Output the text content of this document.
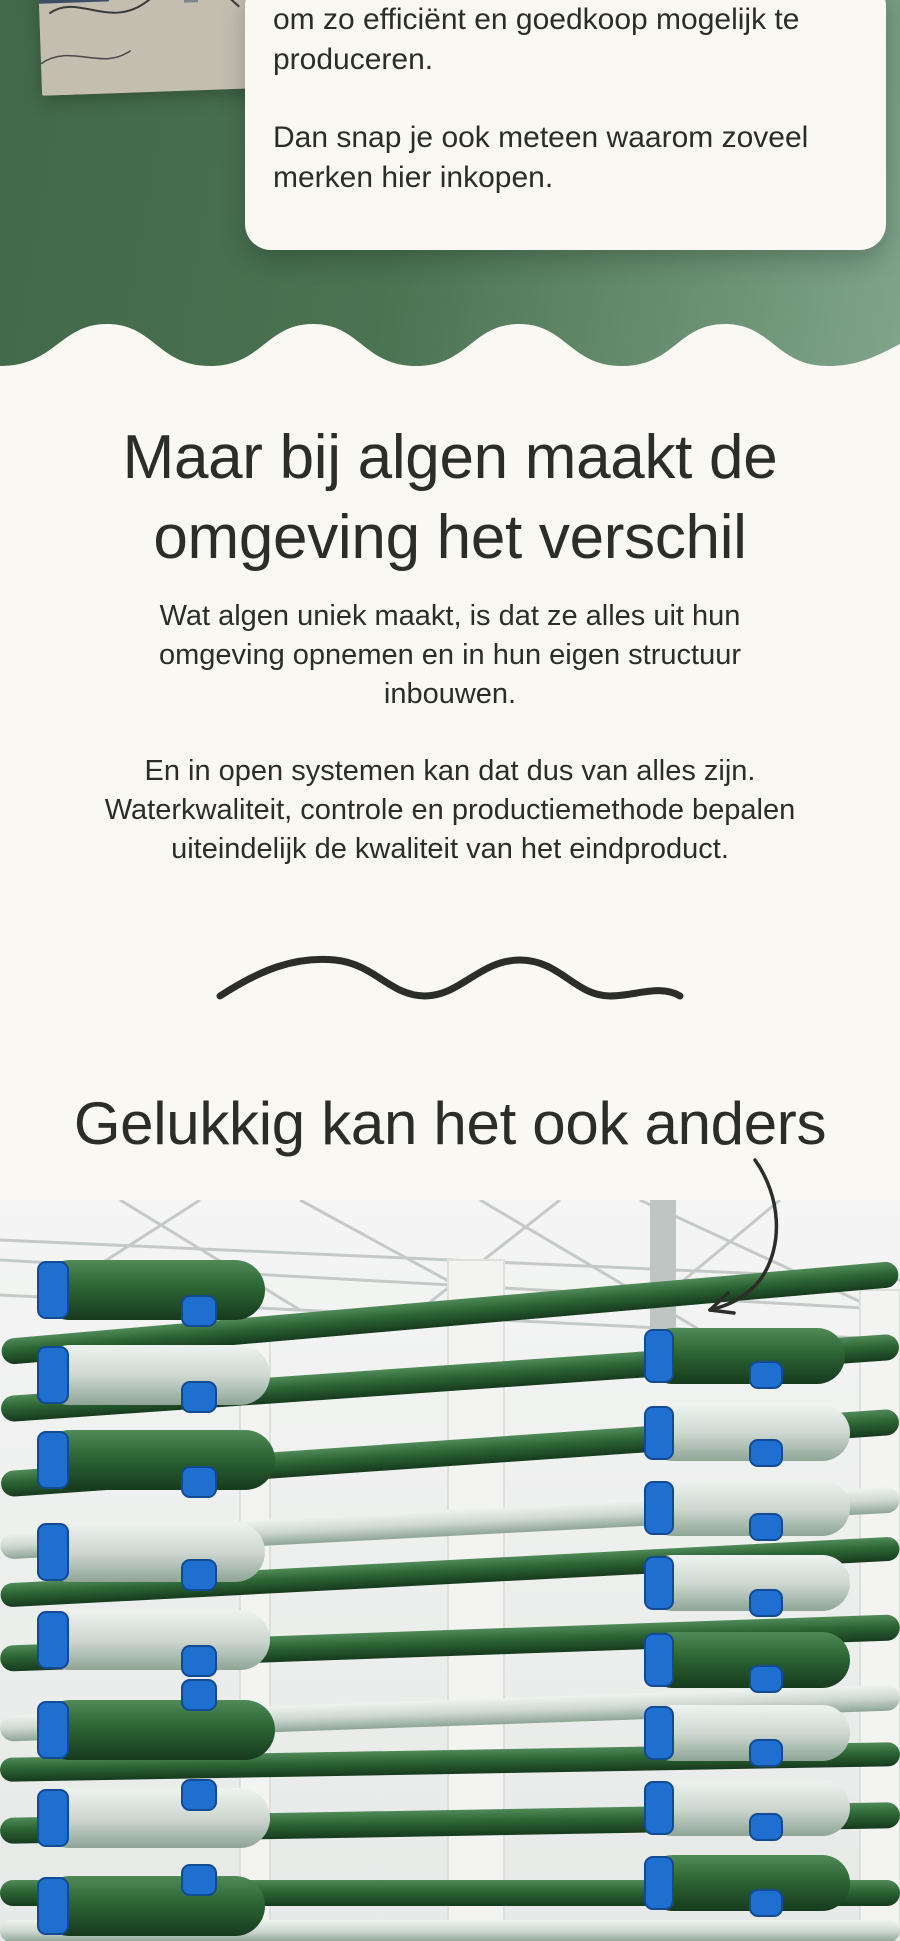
om zo efficiënt en goedkoop mogelijk te produceren.

Dan snap je ook meteen waarom zoveel merken hier inkopen.

Maar bij algen maakt de
omgeving het verschil

Wat algen uniek maakt, is dat ze alles uit hun omgeving opnemen en in hun eigen structuur inbouwen.

En in open systemen kan dat dus van alles zijn. Waterkwaliteit, controle en productiemethode bepalen uiteindelijk de kwaliteit van het eindproduct.

Gelukkig kan het ook anders
